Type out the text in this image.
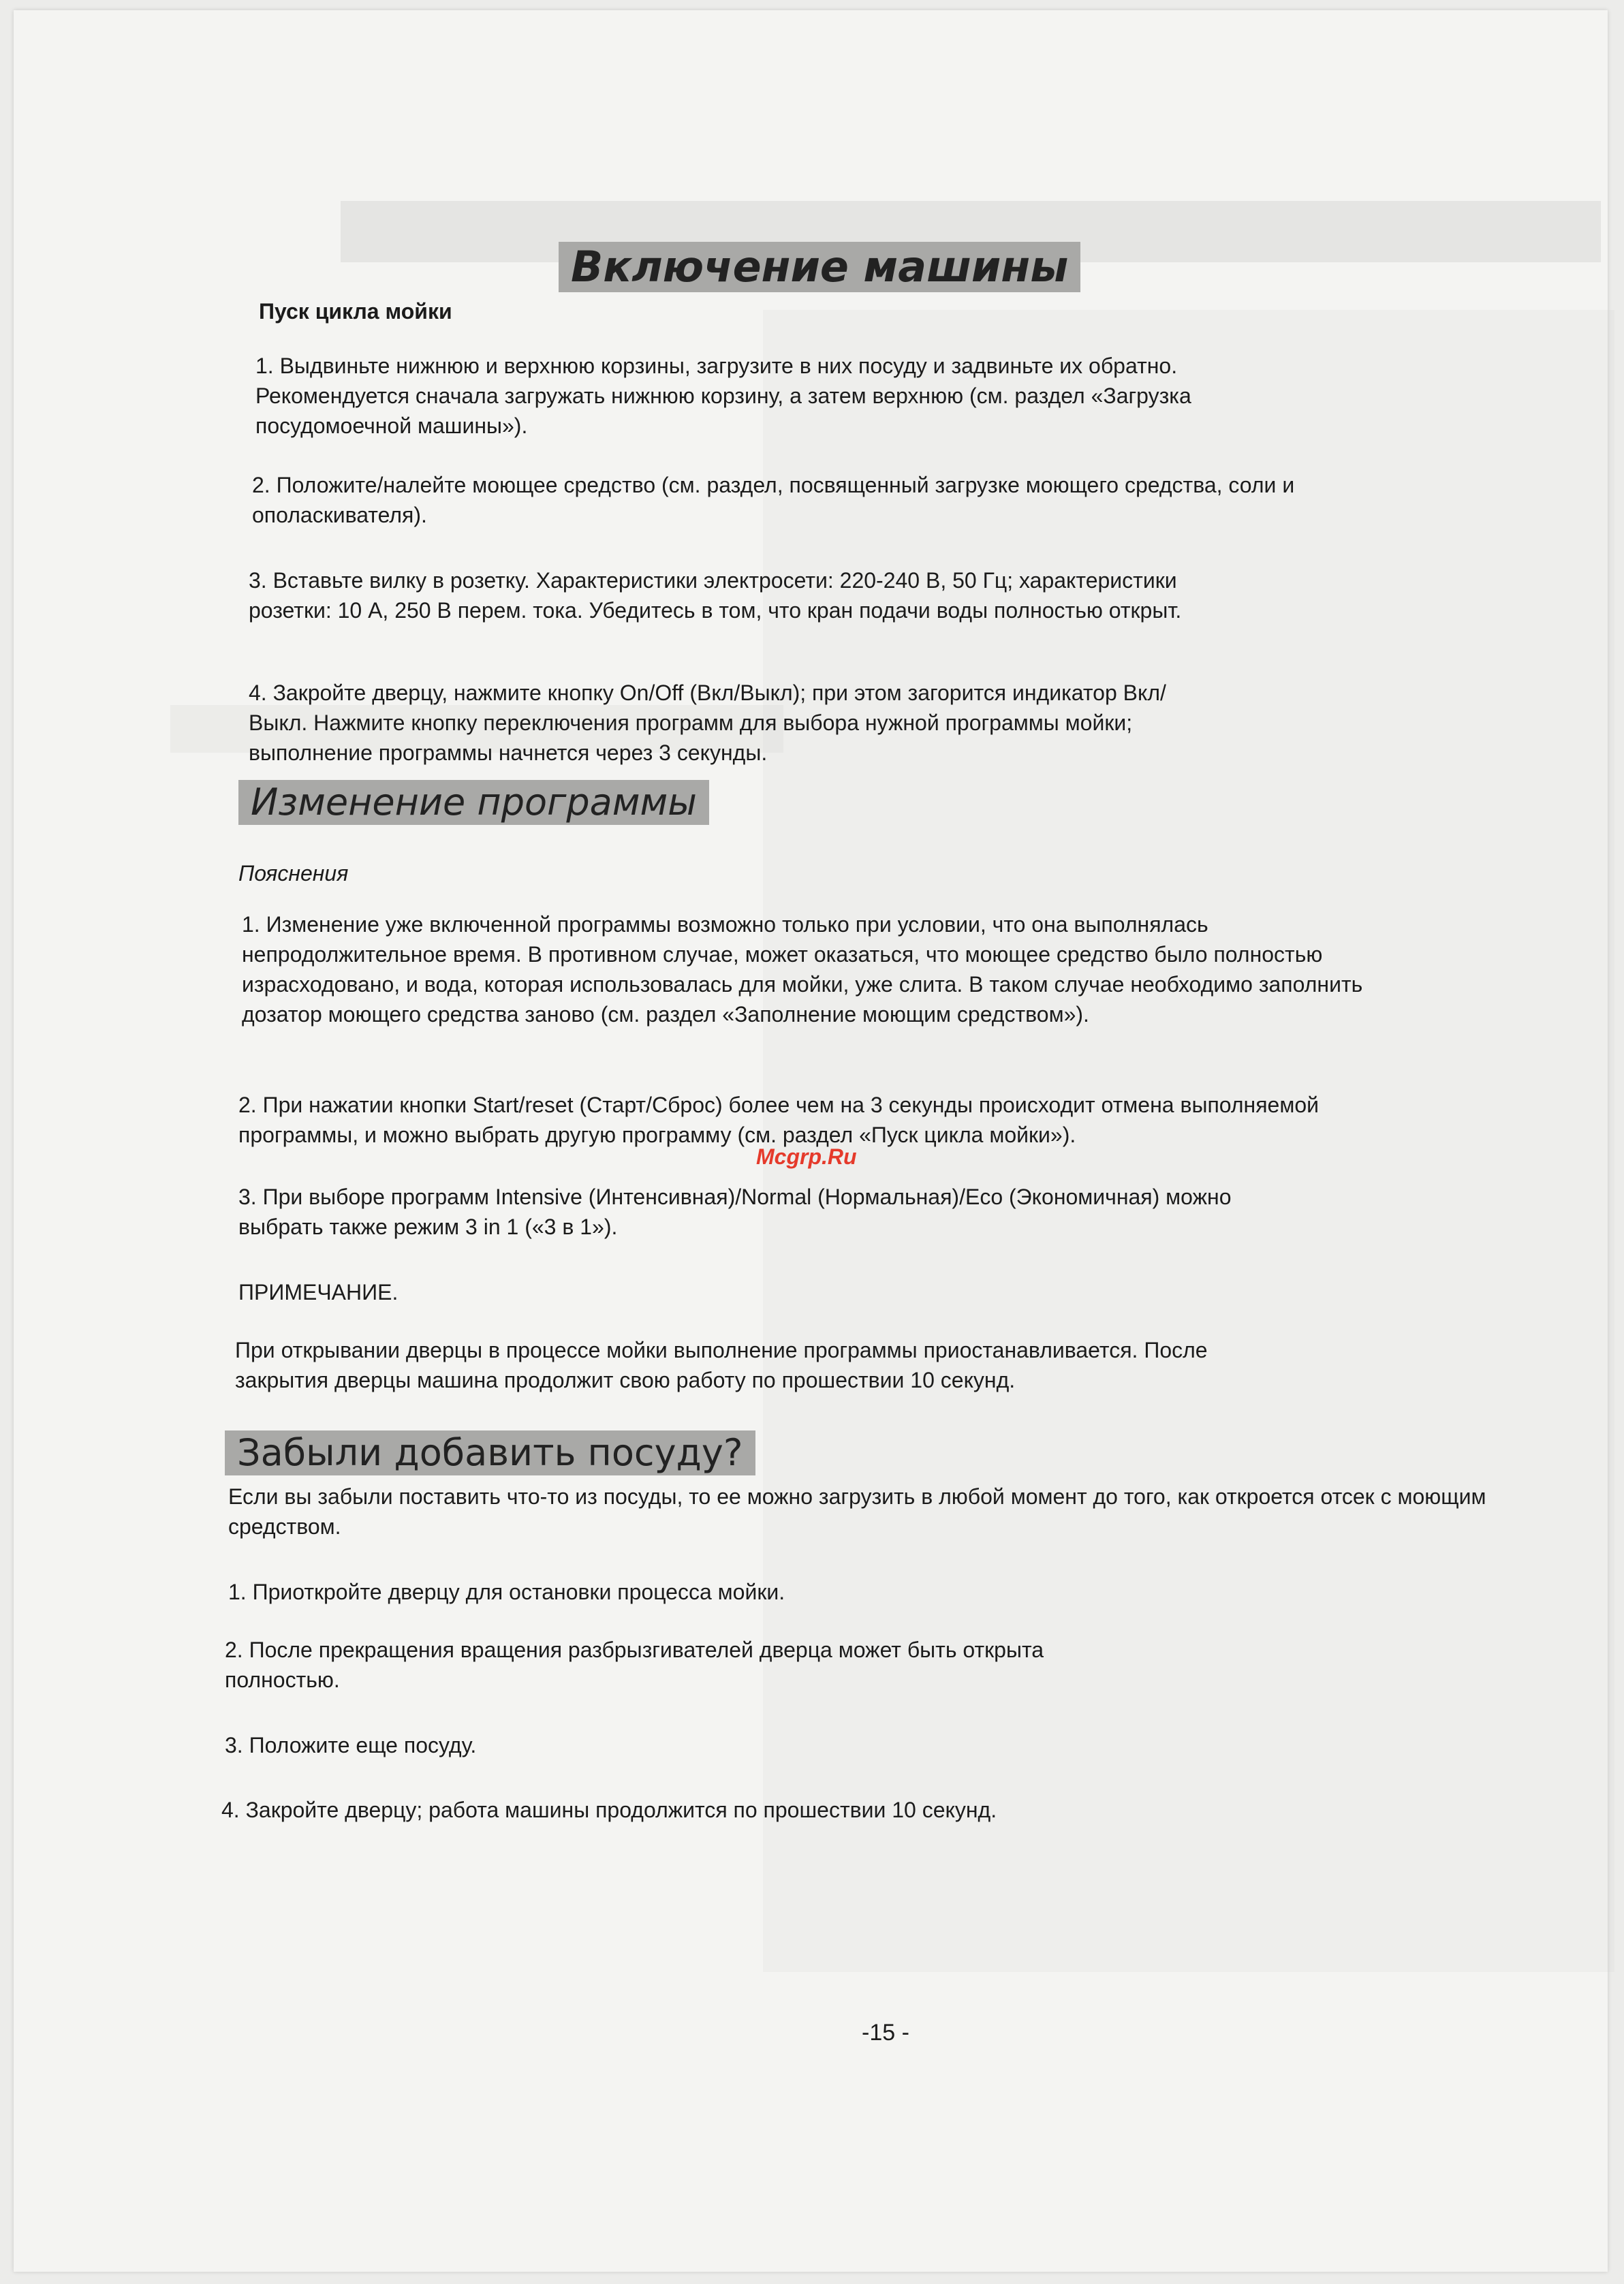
Включение машины
Пуск цикла мойки

1. Выдвиньте нижнюю и верхнюю корзины, загрузите в них посуду и задвиньте их обратно. Рекомендуется сначала загружать нижнюю корзину, а затем верхнюю (см. раздел «Загрузка посудомоечной машины»).

2. Положите/налейте моющее средство (см. раздел, посвященный загрузке моющего средства, соли и ополаскивателя).

3. Вставьте вилку в розетку. Характеристики электросети: 220-240 В, 50 Гц; характеристики розетки: 10 А, 250 В перем. тока. Убедитесь в том, что кран подачи воды полностью открыт.

4. Закройте дверцу, нажмите кнопку On/Off (Вкл/Выкл); при этом загорится индикатор Вкл/Выкл. Нажмите кнопку переключения программ для выбора нужной программы мойки; выполнение программы начнется через 3 секунды.

Изменение программы
Пояснения

1. Изменение уже включенной программы возможно только при условии, что она выполнялась непродолжительное время. В противном случае, может оказаться, что моющее средство было полностью израсходовано, и вода, которая использовалась для мойки, уже слита. В таком случае необходимо заполнить дозатор моющего средства заново (см. раздел «Заполнение моющим средством»).

2. При нажатии кнопки Start/reset (Старт/Сброс) более чем на 3 секунды происходит отмена выполняемой программы, и можно выбрать другую программу (см. раздел «Пуск цикла мойки»).

Mcgrp.Ru

3. При выборе программ Intensive (Интенсивная)/Normal (Нормальная)/Eco (Экономичная) можно выбрать также режим 3 in 1 («3 в 1»).

ПРИМЕЧАНИЕ.

При открывании дверцы в процессе мойки выполнение программы приостанавливается. После закрытия дверцы машина продолжит свою работу по прошествии 10 секунд.

Забыли добавить посуду?

Если вы забыли поставить что-то из посуды, то ее можно загрузить в любой момент до того, как откроется отсек с моющим средством.

1. Приоткройте дверцу для остановки процесса мойки.

2. После прекращения вращения разбрызгивателей дверца может быть открыта полностью.

3. Положите еще посуду.

4. Закройте дверцу; работа машины продолжится по прошествии 10 секунд.

-15 -
